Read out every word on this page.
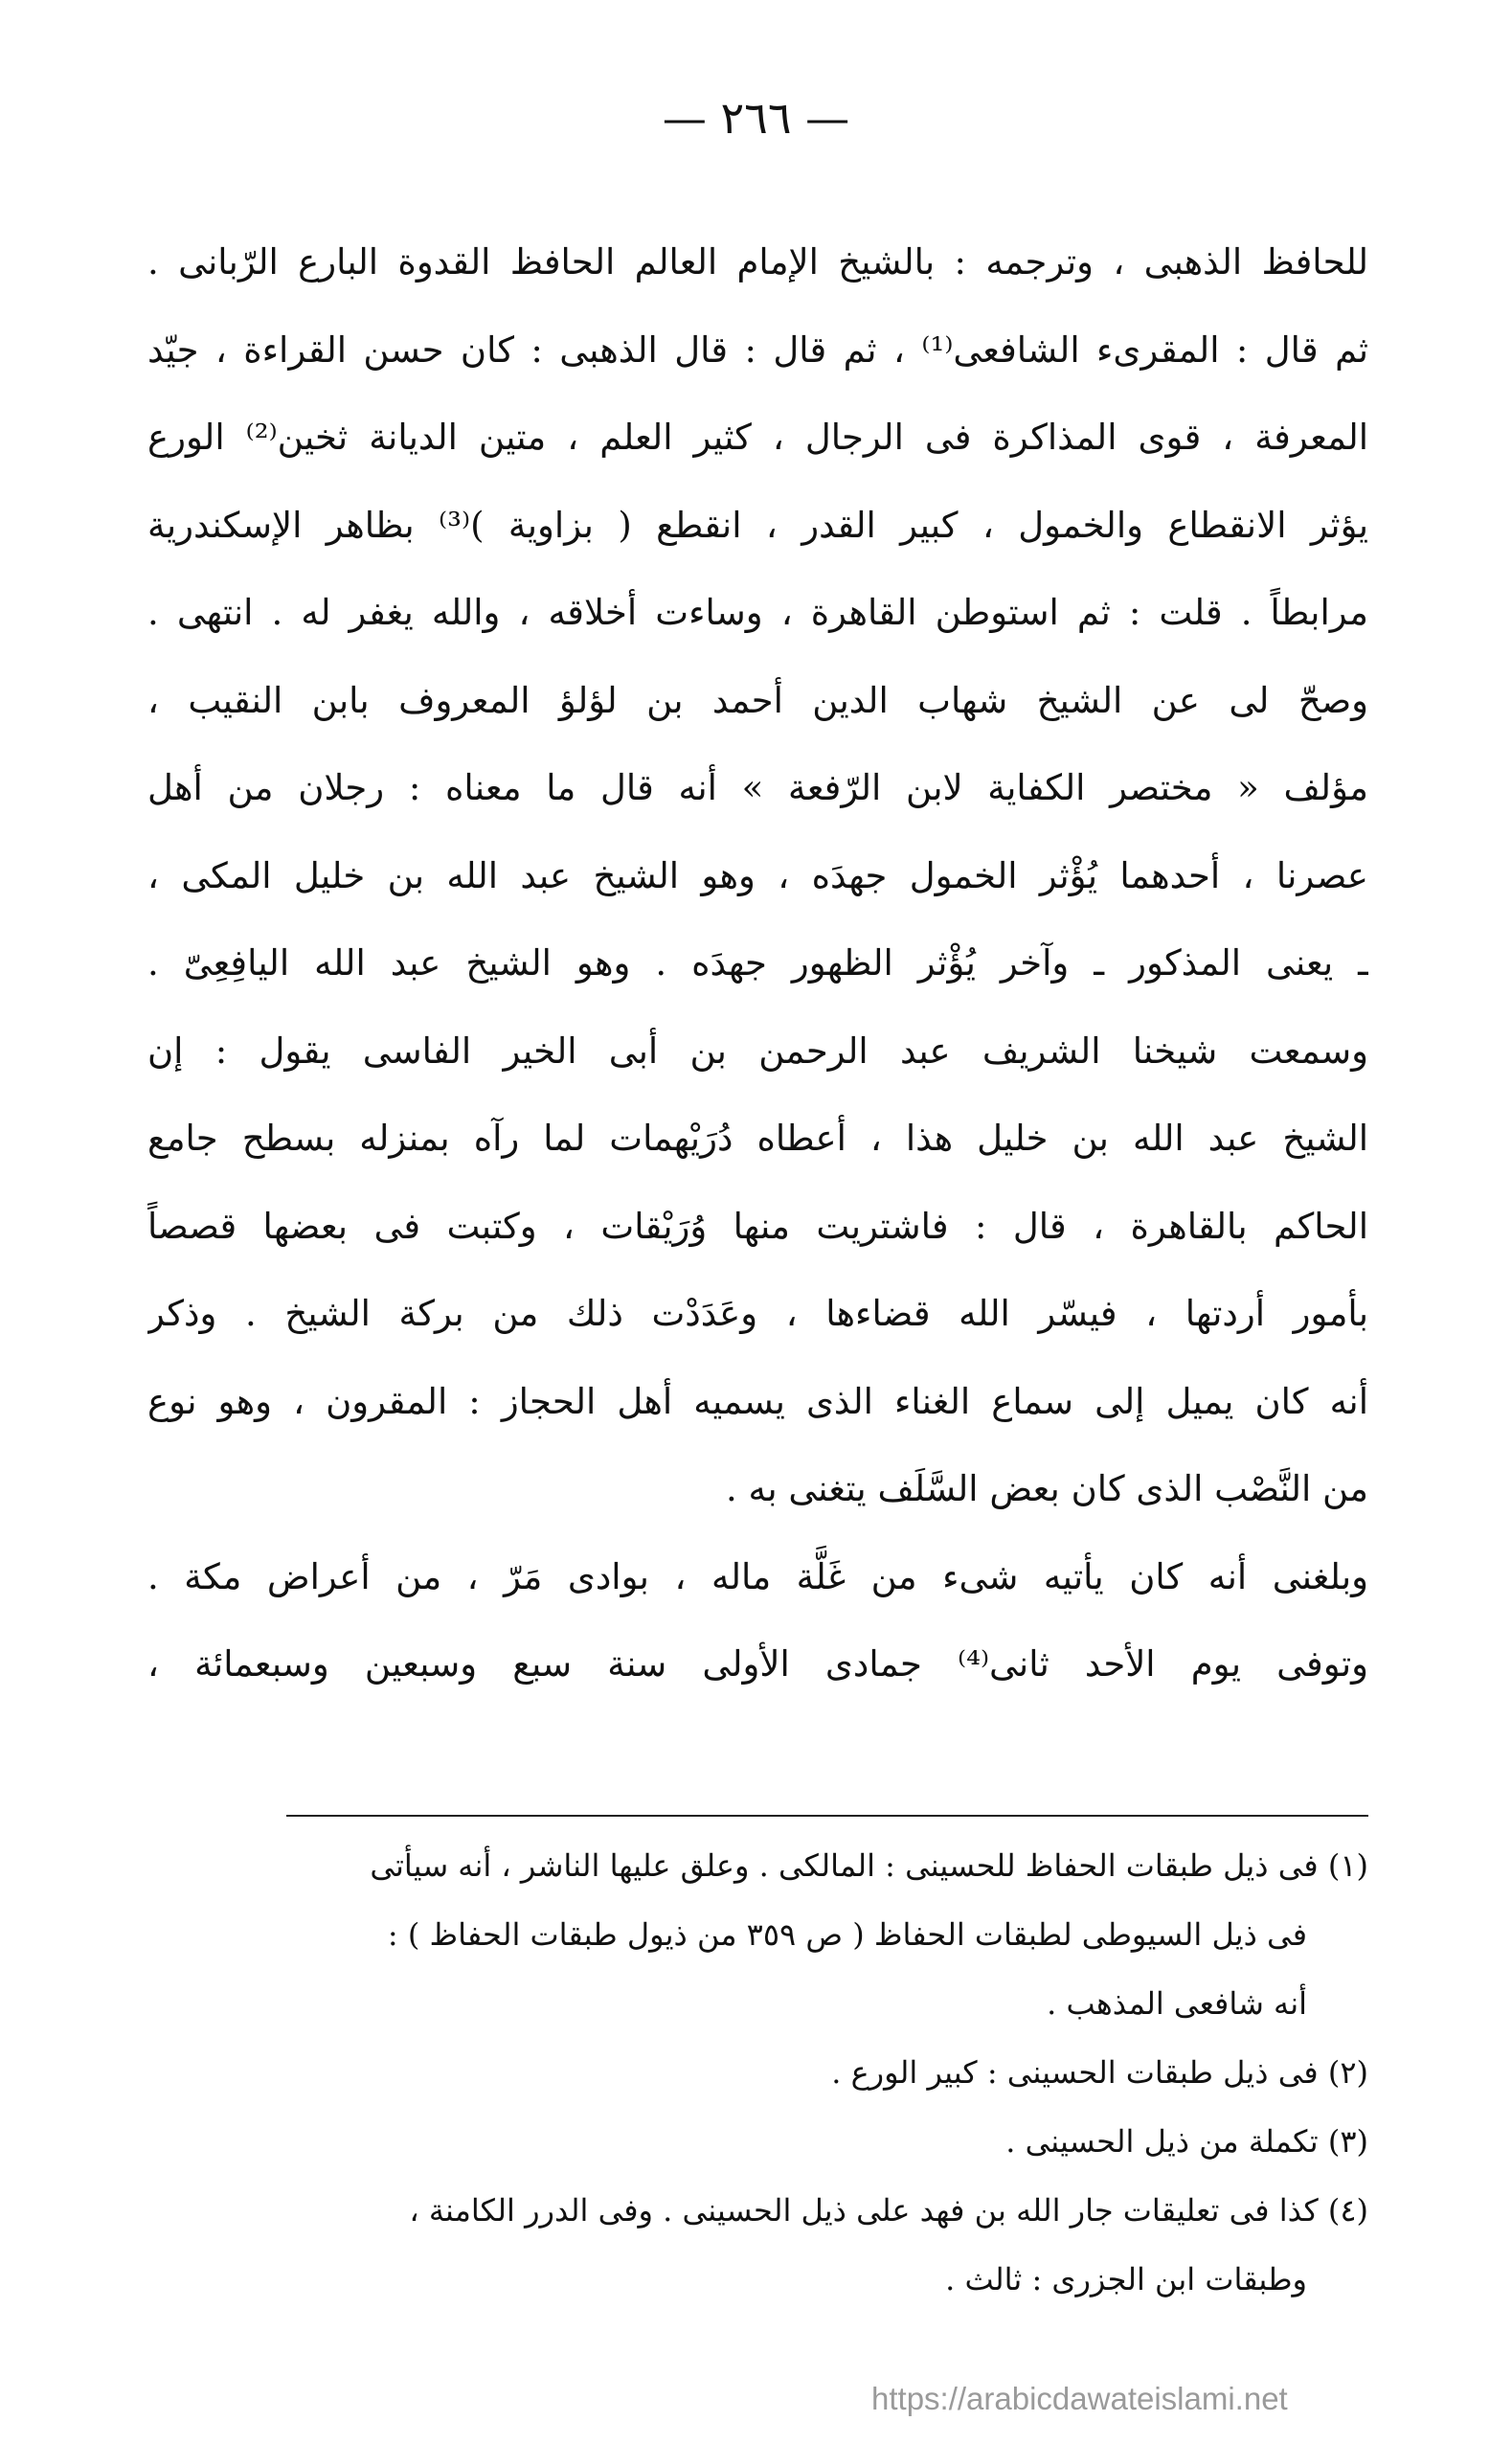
— ٢٦٦ —
للحافظ الذهبى ، وترجمه : بالشيخ الإمام العالم الحافظ القدوة البارع الرّبانى .
ثم قال : المقرىء الشافعى⁽¹⁾ ، ثم قال : قال الذهبى : كان حسن القراءة ، جيّد
المعرفة ، قوى المذاكرة فى الرجال ، كثير العلم ، متين الديانة ثخين⁽²⁾ الورع
يؤثر الانقطاع والخمول ، كبير القدر ، انقطع ( بزاوية )⁽³⁾ بظاهر الإسكندرية
مرابطاً . قلت : ثم استوطن القاهرة ، وساءت أخلاقه ، والله يغفر له . انتهى .
وصحّ لى عن الشيخ شهاب الدين أحمد بن لؤلؤ المعروف بابن النقيب ،
مؤلف « مختصر الكفاية لابن الرّفعة » أنه قال ما معناه : رجلان من أهل
عصرنا ، أحدهما يُؤْثر الخمول جهدَه ، وهو الشيخ عبد الله بن خليل المكى ،
ـ يعنى المذكور ـ وآخر يُؤْثر الظهور جهدَه . وهو الشيخ عبد الله اليافِعِىّ .
وسمعت شيخنا الشريف عبد الرحمن بن أبى الخير الفاسى يقول : إن
الشيخ عبد الله بن خليل هذا ، أعطاه دُرَيْهمات لما رآه بمنزله بسطح جامع
الحاكم بالقاهرة ، قال : فاشتريت منها وُرَيْقات ، وكتبت فى بعضها قصصاً
بأمور أردتها ، فيسّر الله قضاءها ، وعَدَدْت ذلك من بركة الشيخ . وذكر
أنه كان يميل إلى سماع الغناء الذى يسميه أهل الحجاز : المقرون ، وهو نوع
من النَّصْب الذى كان بعض السَّلَف يتغنى به .
وبلغنى أنه كان يأتيه شىء من غَلَّة ماله ، بوادى مَرّ ، من أعراض مكة .
وتوفى يوم الأحد ثانى⁽⁴⁾ جمادى الأولى سنة سبع وسبعين وسبعمائة ،
(١) فى ذيل طبقات الحفاظ للحسينى : المالكى . وعلق عليها الناشر ، أنه سيأتى
فى ذيل السيوطى لطبقات الحفاظ ( ص ٣٥٩ من ذيول طبقات الحفاظ ) :
أنه شافعى المذهب .
(٢) فى ذيل طبقات الحسينى : كبير الورع .
(٣) تكملة من ذيل الحسينى .
(٤) كذا فى تعليقات جار الله بن فهد على ذيل الحسينى . وفى الدرر الكامنة ،
وطبقات ابن الجزرى : ثالث .
https://arabicdawateislami.net
